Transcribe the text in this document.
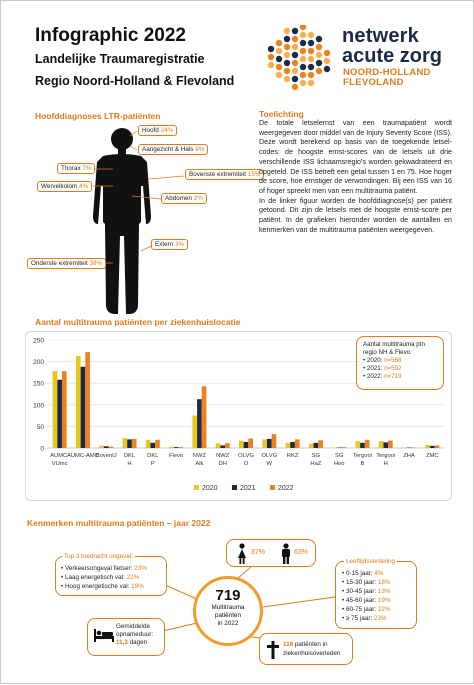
Infographic 2022
Landelijke Traumaregistratie
Regio Noord-Holland & Flevoland
netwerk
acute zorg
NOORD-HOLLAND
FLEVOLAND
Hoofddiagnoses LTR-patiënten
Hoofd 24%
Aangezicht & Hals 8%
Thorax 7%
Bovenste extremiteit 15%
Wervelkolom 4%
Abdomen 2%
Extern 3%
Onderste extremiteit 38%
Toelichting

De totale letselernst van een traumapatiënt wordt weergegeven door middel van de Injury Severity Score (ISS). Deze wordt berekend op basis van de toegekende letsel-codes: de hoogste ernst-scores van de letsels uit drie verschillende ISS lichaamsregio's worden gekwadrateerd en opgeteld. De ISS betreft een getal tussen 1 en 75. Hoe hoger de score, hoe ernstiger de verwondingen. Bij een ISS van 16 of hoger spreekt men van een multitrauma patiënt.

In de linker figuur worden de hoofddiagnose(s) per patiënt getoond. Dit zijn de letsels met de hoogste ernst-score per patiënt. In de grafieken hieronder worden de aantallen en kenmerken van de multitrauma patiënten weergegeven.

Aantal multitrauma patiënten per ziekenhuislocatie
0
50
100
150
200
250
AUMC-
VUmc
AUMC-AMC
BovenIJ DKL
H
DKL
P
Flevo NWZ
Alk
NWZ
DH
OLVG
O
OLVG
W
RKZ SG
HaZ
SG
Hoo
Tergooi
B
Tergooi
H
ZHA ZMC
2020	2021	2022
Aantal multitrauma ptn
regio NH & Flevo:
• 2020: n=568
• 2021: n=592
• 2022: n=719
Kenmerken multitrauma patiënten – jaar 2022
Top 3 toedracht ongeval:
• Verkeersongeval fietser: 23%
• Laag energetisch val: 22%
• Hoog energetische val: 19%
37%	63%
Leeftijdsverdeling
• 0-15 jaar: 4%
• 15-30 jaar: 18%
• 30-45 jaar: 13%
• 45-60 jaar: 19%
• 60-75 jaar: 22%
• ≥ 75 jaar: 23%
719
Multitrauma
patiënten
in 2022
Gemiddelde
opnameduur:
11,3 dagen	118 patiënten in
ziekenhuisoverleden
